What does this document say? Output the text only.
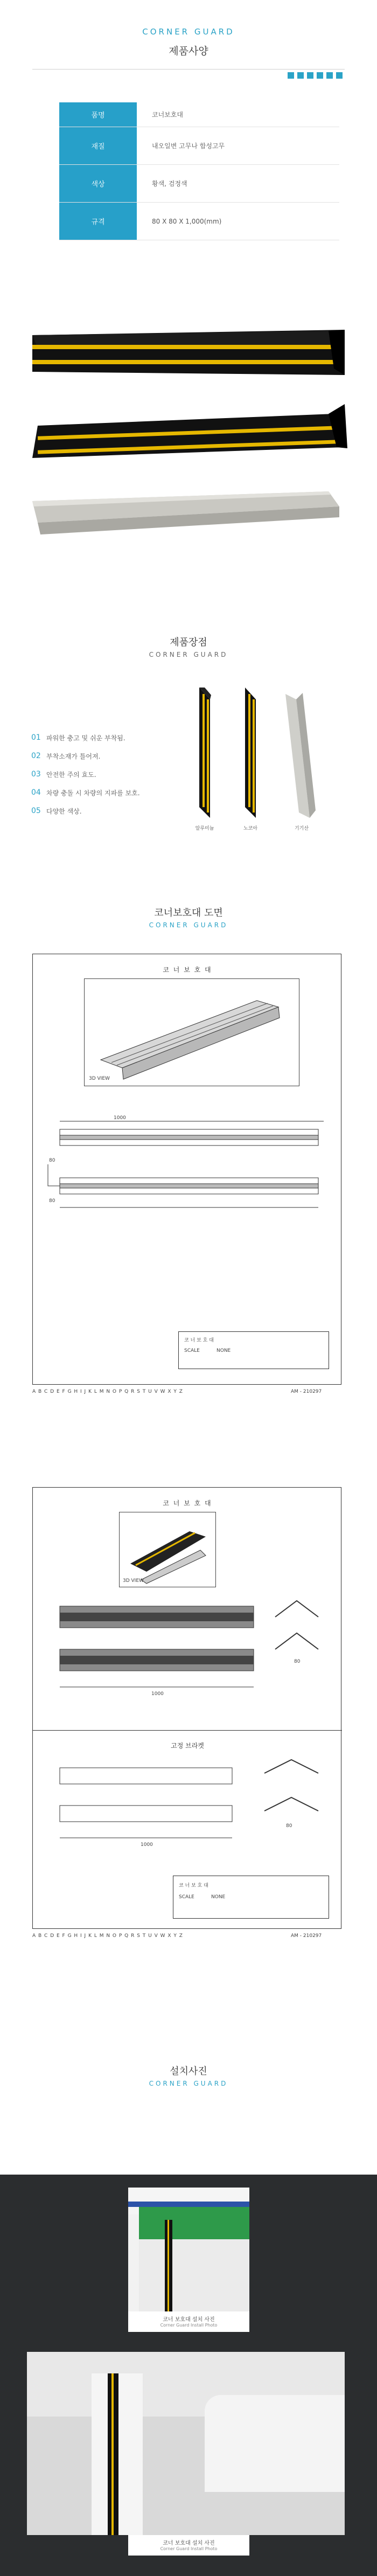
CORNER GUARD
제품사양
품명	코너보호대
재질	내오일변 고무나 합성고무
색상	황색, 검정색
규격	80 X 80 X 1,000(mm)
제품장점
CORNER GUARD
01 파워한 충고 및 쉬운 부착됨.
02 부착소재가 틀어져.
03 안전한 주의 효도.
04 차량 충돌 시 차량의 지파를 보호.
05 다양한 색상.
알루미늄	노코아	기기산
코너보호대 도면
CORNER GUARD
코 너 보 호 대
3D VIEW
1000
80
80
코 너 보 호 대
SCALE	NONE
A B C D E F G H I J K L M N O P Q R S T U V W X Y Z	AM - 210297
코 너 보 호 대
3D VIEW
1000
80
고정 브라켓
1000
80
코 너 보 호 대
SCALE	NONE
A B C D E F G H I J K L M N O P Q R S T U V W X Y Z	AM - 210297
설치사진
CORNER GUARD
코너 보호대 설치 사진
Corner Guard Install Photo
코너 보호대 설치 사진
Corner Guard Install Photo
